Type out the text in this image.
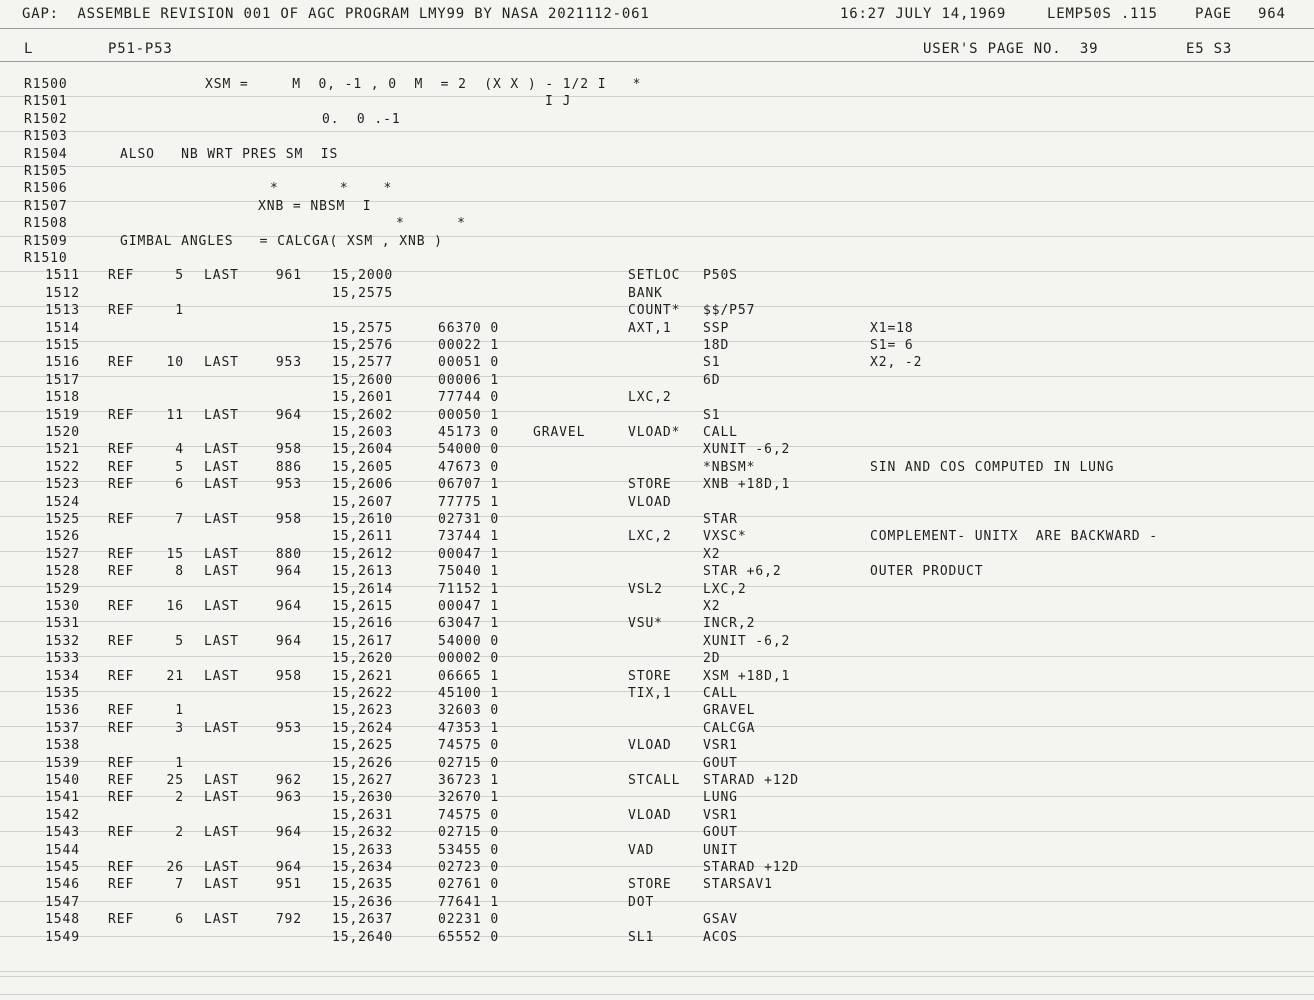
GAP:  ASSEMBLE REVISION 001 OF AGC PROGRAM LMY99 BY NASA 2021112-061	16:27 JULY 14,1969	LEMP50S .115	PAGE 964
L	P51-P53	USER'S PAGE NO.  39	E5 S3
R1500	XSM =     M  0, -1 , 0  M  = 2  (X X ) - 1/2 I   *
R1501	I J
R1502	0.  0 .-1
R1503
R1504	ALSO   NB WRT PRES SM  IS
R1505
R1506	*       *    *
R1507	XNB = NBSM  I
R1508	*      *
R1509	GIMBAL ANGLES   = CALCGA( XSM , XNB )
R1510
1511 REF	5 LAST	961 15,2000	SETLOC P50S
1512	15,2575	BANK
1513 REF	1	COUNT* $$/P57
1514	15,2575	66370 0	AXT,1 SSP	X1=18
1515	15,2576	00022 1	18D	S1= 6
1516 REF	10 LAST	953 15,2577	00051 0	S1	X2, -2
1517	15,2600	00006 1	6D
1518	15,2601	77744 0	LXC,2
1519 REF	11 LAST	964 15,2602	00050 1	S1
1520	15,2603	45173 0	GRAVEL	VLOAD* CALL
1521 REF	4 LAST	958 15,2604	54000 0	XUNIT -6,2
1522 REF	5 LAST	886 15,2605	47673 0	*NBSM*	SIN AND COS COMPUTED IN LUNG
1523 REF	6 LAST	953 15,2606	06707 1	STORE XNB +18D,1
1524	15,2607	77775 1	VLOAD
1525 REF	7 LAST	958 15,2610	02731 0	STAR
1526	15,2611	73744 1	LXC,2 VXSC*	COMPLEMENT- UNITX  ARE BACKWARD -
1527 REF	15 LAST	880 15,2612	00047 1	X2
1528 REF	8 LAST	964 15,2613	75040 1	STAR +6,2	OUTER PRODUCT
1529	15,2614	71152 1	VSL2	LXC,2
1530 REF	16 LAST	964 15,2615	00047 1	X2
1531	15,2616	63047 1	VSU*	INCR,2
1532 REF	5 LAST	964 15,2617	54000 0	XUNIT -6,2
1533	15,2620	00002 0	2D
1534 REF	21 LAST	958 15,2621	06665 1	STORE XSM +18D,1
1535	15,2622	45100 1	TIX,1 CALL
1536 REF	1	15,2623	32603 0	GRAVEL
1537 REF	3 LAST	953 15,2624	47353 1	CALCGA
1538	15,2625	74575 0	VLOAD VSR1
1539 REF	1	15,2626	02715 0	GOUT
1540 REF	25 LAST	962 15,2627	36723 1	STCALL STARAD +12D
1541 REF	2 LAST	963 15,2630	32670 1	LUNG
1542	15,2631	74575 0	VLOAD VSR1
1543 REF	2 LAST	964 15,2632	02715 0	GOUT
1544	15,2633	53455 0	VAD	UNIT
1545 REF	26 LAST	964 15,2634	02723 0	STARAD +12D
1546 REF	7 LAST	951 15,2635	02761 0	STORE STARSAV1
1547	15,2636	77641 1	DOT
1548 REF	6 LAST	792 15,2637	02231 0	GSAV
1549	15,2640	65552 0	SL1	ACOS
